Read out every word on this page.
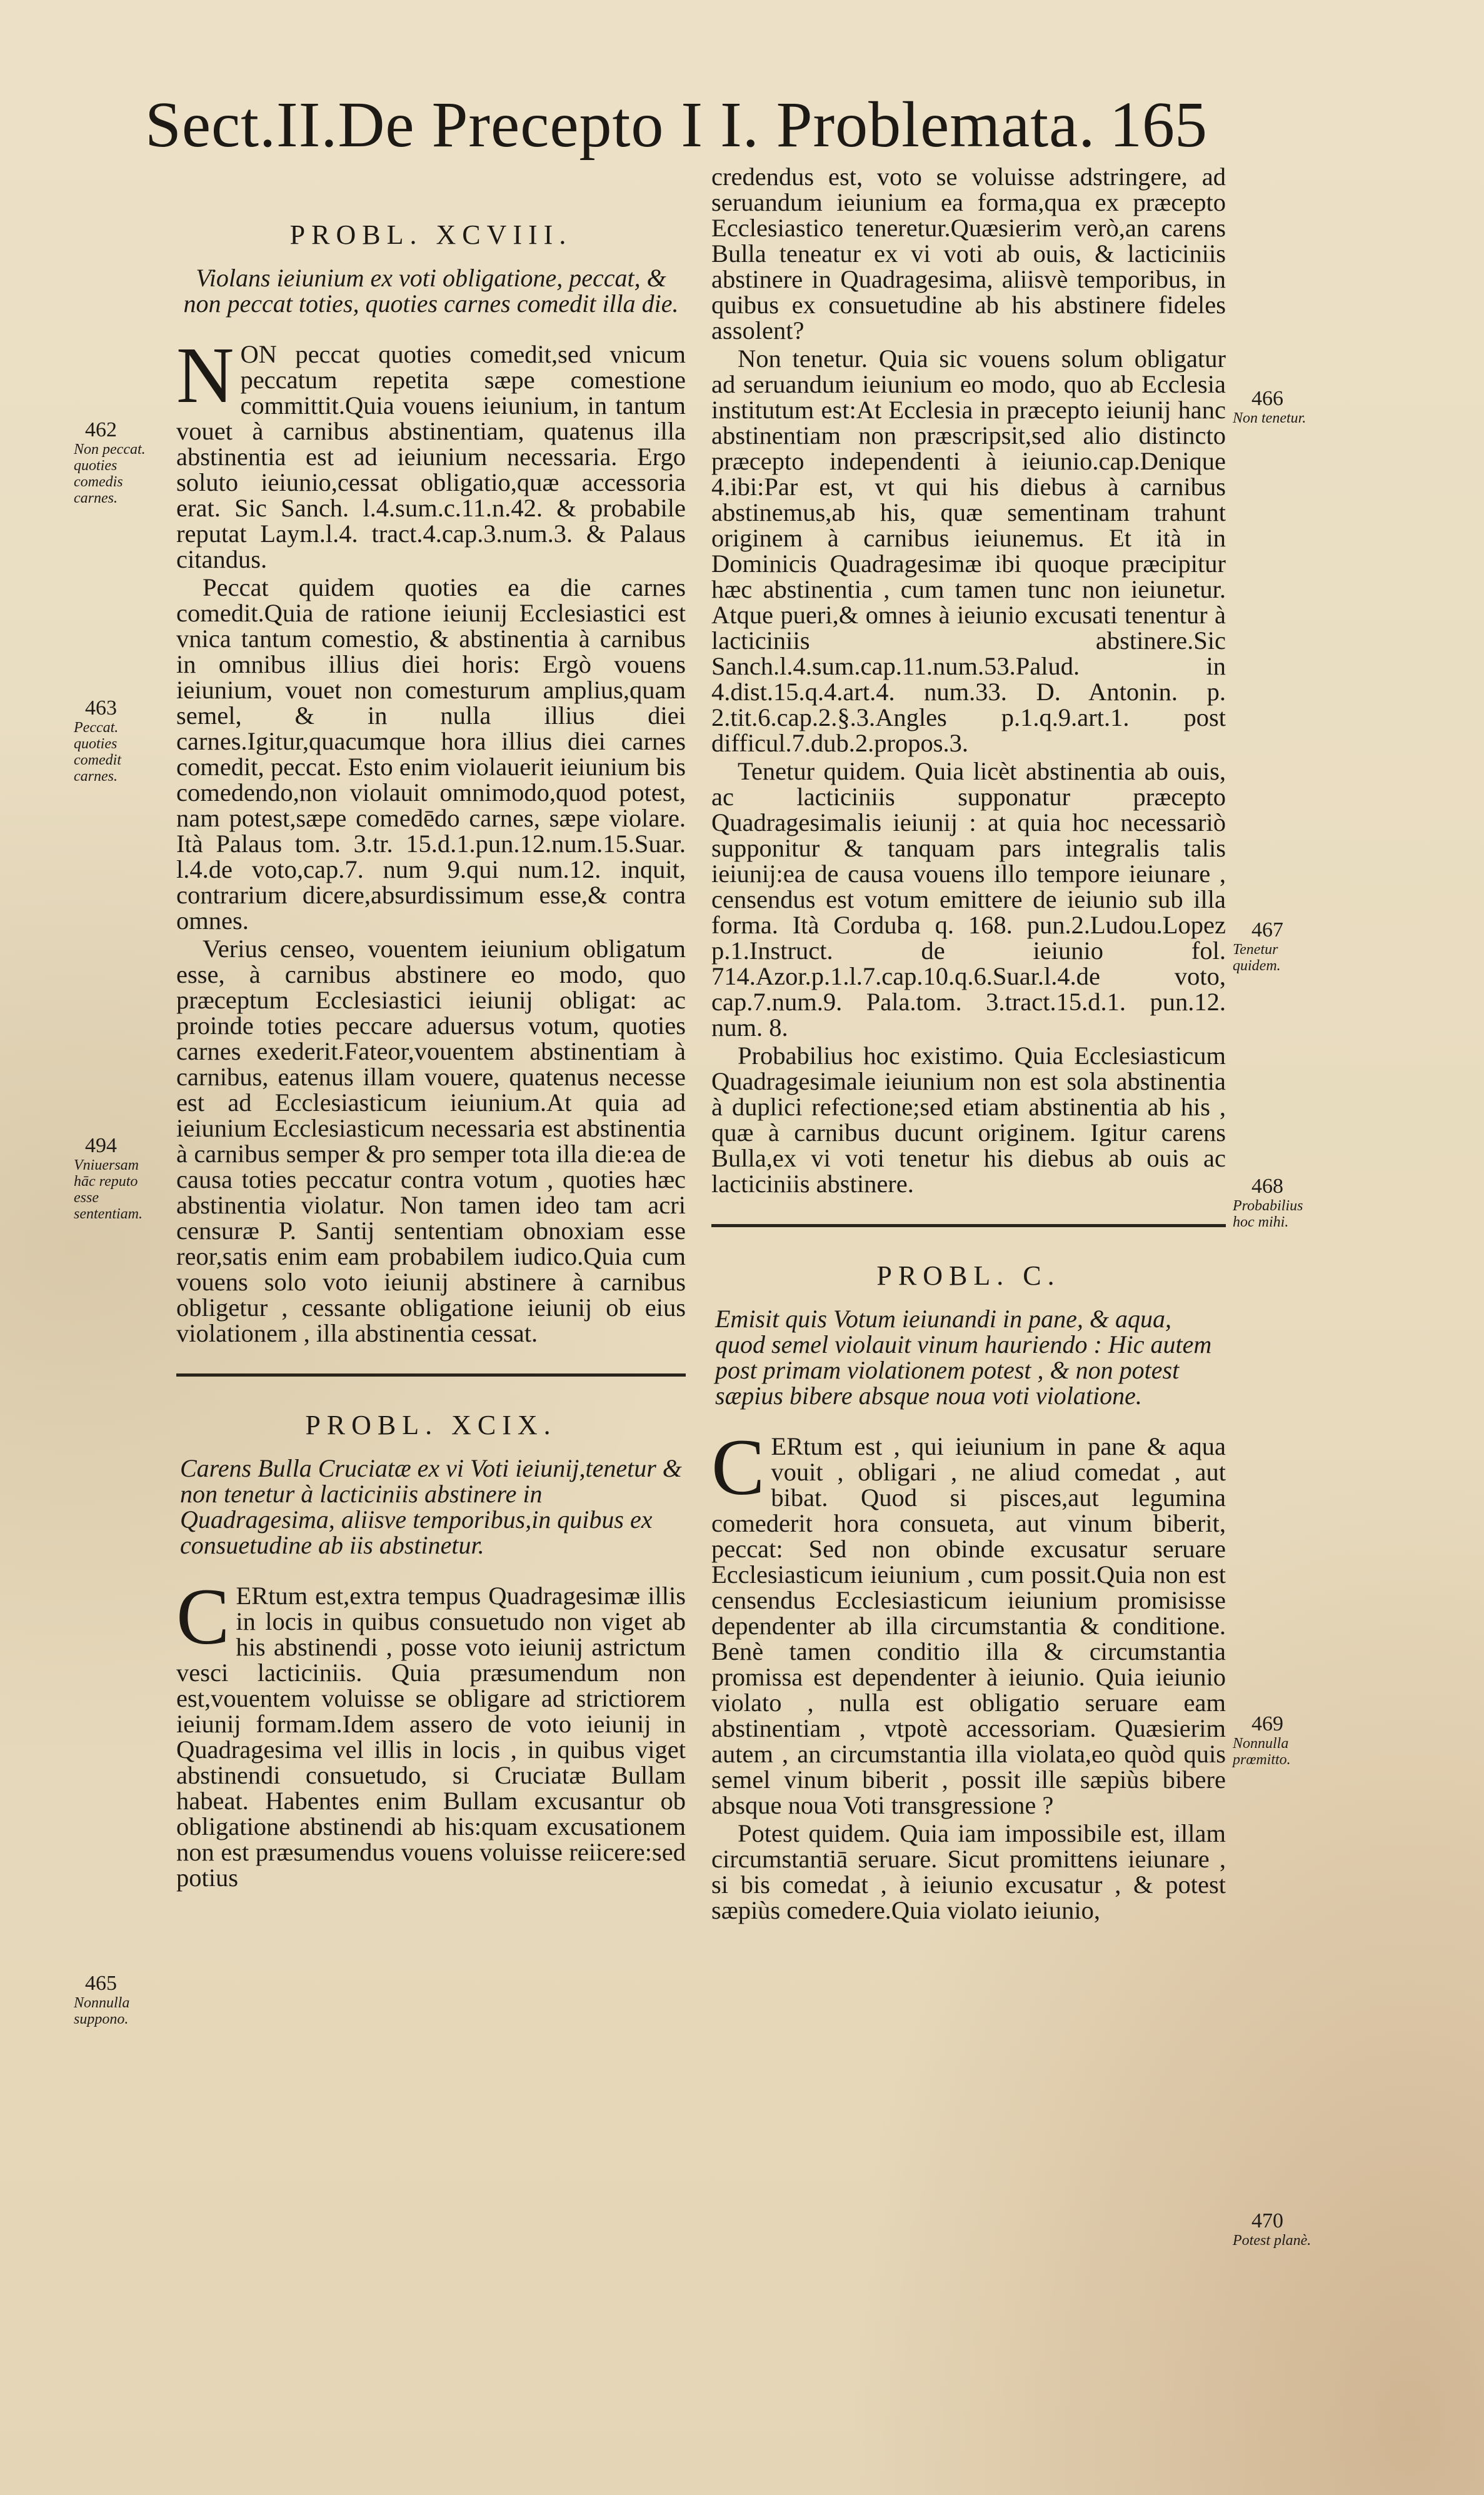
Sect.II.De Precepto I I. Problemata. 165
PROBL. XCVIII.
Violans ieiunium ex voti obligatione, peccat, & non peccat toties, quoties carnes comedit illa die.

NON peccat quoties comedit,sed vnicum peccatum repetita sæpe comestione committit.Quia vouens ieiunium, in tantum vouet à carnibus abstinentiam, quatenus illa abstinentia est ad ieiunium necessaria. Ergo soluto ieiunio,cessat obligatio,quæ accessoria erat. Sic Sanch. l.4.sum.c.11.n.42. & probabile reputat Laym.l.4. tract.4.cap.3.num.3. & Palaus citandus.

Peccat quidem quoties ea die carnes comedit.Quia de ratione ieiunij Ecclesiastici est vnica tantum comestio, & abstinentia à carnibus in omnibus illius diei horis: Ergò vouens ieiunium, vouet non comesturum amplius,quam semel, & in nulla illius diei carnes.Igitur,quacumque hora illius diei carnes comedit, peccat. Esto enim violauerit ieiunium bis comedendo,non violauit omnimodo,quod potest, nam potest,sæpe comedēdo carnes, sæpe violare. Ità Palaus tom. 3.tr. 15.d.1.pun.12.num.15.Suar. l.4.de voto,cap.7. num 9.qui num.12. inquit, contrarium dicere,absurdissimum esse,& contra omnes.

Verius censeo, vouentem ieiunium obligatum esse, à carnibus abstinere eo modo, quo præceptum Ecclesiastici ieiunij obligat: ac proinde toties peccare aduersus votum, quoties carnes exederit.Fateor,vouentem abstinentiam à carnibus, eatenus illam vouere, quatenus necesse est ad Ecclesiasticum ieiunium.At quia ad ieiunium Ecclesiasticum necessaria est abstinentia à carnibus semper & pro semper tota illa die:ea de causa toties peccatur contra votum , quoties hæc abstinentia violatur. Non tamen ideo tam acri censuræ P. Santij sententiam obnoxiam esse reor,satis enim eam probabilem iudico.Quia cum vouens solo voto ieiunij abstinere à carnibus obligetur , cessante obligatione ieiunij ob eius violationem , illa abstinentia cessat.

PROBL. XCIX.
Carens Bulla Cruciatæ ex vi Voti ieiunij,tenetur & non tenetur à lacticiniis abstinere in Quadragesima, aliisve temporibus,in quibus ex consuetudine ab iis abstinetur.

C ERtum est,extra tempus Quadragesimæ illis in locis in quibus consuetudo non viget ab his abstinendi , posse voto ieiunij astrictum vesci lacticiniis. Quia præsumendum non est,vouentem voluisse se obligare ad strictiorem ieiunij formam.Idem assero de voto ieiunij in Quadragesima vel illis in locis , in quibus viget abstinendi consuetudo, si Cruciatæ Bullam habeat. Habentes enim Bullam excusantur ob obligatione abstinendi ab his:quam excusationem non est præsumendus vouens voluisse reiicere:sed potius

credendus est, voto se voluisse adstringere, ad seruandum ieiunium ea forma,qua ex præcepto Ecclesiastico teneretur.Quæsierim verò,an carens Bulla teneatur ex vi voti ab ouis, & lacticiniis abstinere in Quadragesima, aliisvè temporibus, in quibus ex consuetudine ab his abstinere fideles assolent?

Non tenetur. Quia sic vouens solum obligatur ad seruandum ieiunium eo modo, quo ab Ecclesia institutum est:At Ecclesia in præcepto ieiunij hanc abstinentiam non præscripsit,sed alio distincto præcepto independenti à ieiunio.cap.Denique 4.ibi:Par est, vt qui his diebus à carnibus abstinemus,ab his, quæ sementinam trahunt originem à carnibus ieiunemus. Et ità in Dominicis Quadragesimæ ibi quoque præcipitur hæc abstinentia , cum tamen tunc non ieiunetur. Atque pueri,& omnes à ieiunio excusati tenentur à lacticiniis abstinere.Sic Sanch.l.4.sum.cap.11.num.53.Palud. in 4.dist.15.q.4.art.4. num.33. D. Antonin. p. 2.tit.6.cap.2.§.3.Angles p.1.q.9.art.1. post difficul.7.dub.2.propos.3.

Tenetur quidem. Quia licèt abstinentia ab ouis, ac lacticiniis supponatur præcepto Quadragesimalis ieiunij : at quia hoc necessariò supponitur & tanquam pars integralis talis ieiunij:ea de causa vouens illo tempore ieiunare , censendus est votum emittere de ieiunio sub illa forma. Ità Corduba q. 168. pun.2.Ludou.Lopez p.1.Instruct. de ieiunio fol. 714.Azor.p.1.l.7.cap.10.q.6.Suar.l.4.de voto, cap.7.num.9. Pala.tom. 3.tract.15.d.1. pun.12. num. 8.

Probabilius hoc existimo. Quia Ecclesiasticum Quadragesimale ieiunium non est sola abstinentia à duplici refectione;sed etiam abstinentia ab his , quæ à carnibus ducunt originem. Igitur carens Bulla,ex vi voti tenetur his diebus ab ouis ac lacticiniis abstinere.

PROBL. C.
Emisit quis Votum ieiunandi in pane, & aqua, quod semel violauit vinum hauriendo : Hic autem post primam violationem potest , & non potest sæpius bibere absque noua voti violatione.

C ERtum est , qui ieiunium in pane & aqua vouit , obligari , ne aliud comedat , aut bibat. Quod si pisces,aut legumina comederit hora consueta, aut vinum biberit, peccat: Sed non obinde excusatur seruare Ecclesiasticum ieiunium , cum possit.Quia non est censendus Ecclesiasticum ieiunium promisisse dependenter ab illa circumstantia & conditione. Benè tamen conditio illa & circumstantia promissa est dependenter à ieiunio. Quia ieiunio violato , nulla est obligatio seruare eam abstinentiam , vtpotè accessoriam. Quæsierim autem , an circumstantia illa violata,eo quòd quis semel vinum biberit , possit ille sæpiùs bibere absque noua Voti transgressione ?

Potest quidem. Quia iam impossibile est, illam circumstantiā seruare. Sicut promittens ieiunare , si bis comedat , à ieiunio excusatur , & potest sæpiùs comedere.Quia violato ieiunio,

462
Non peccat. quoties comedis carnes.
463
Peccat. quoties comedit carnes.
494
Vniuersam hāc reputo esse sententiam.
465
Nonnulla suppono.
466
Non tenetur.
467
Tenetur quidem.
468
Probabilius hoc mihi.
469
Nonnulla prœmitto.
470
Potest planè.
